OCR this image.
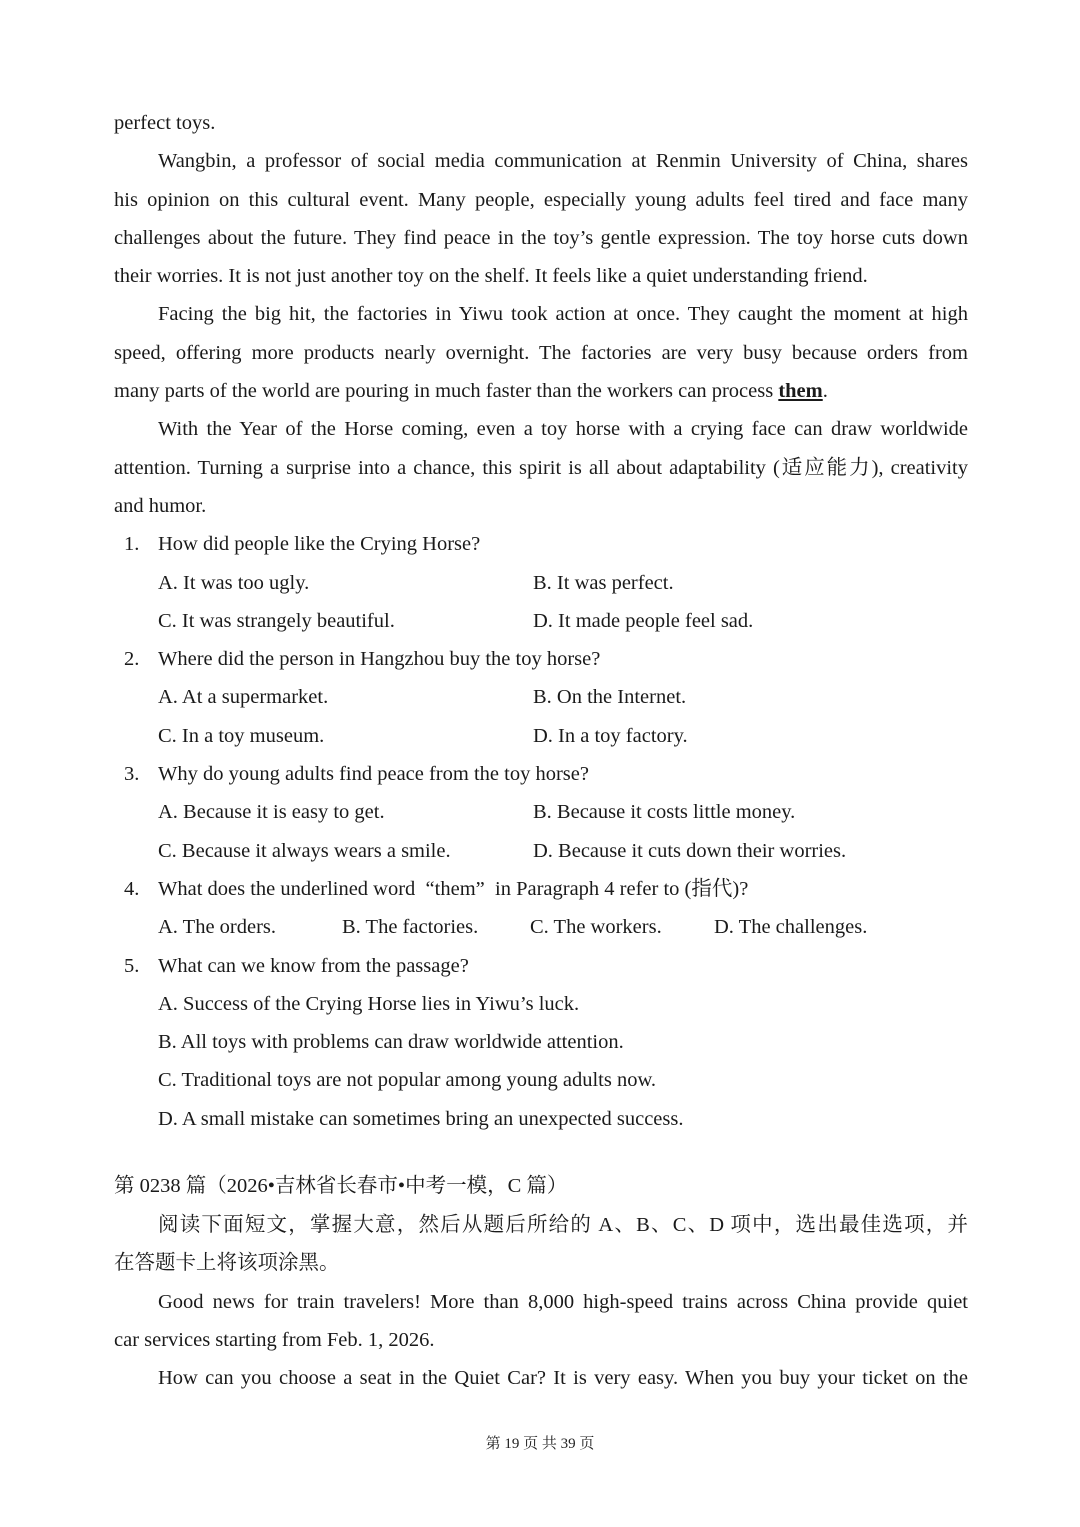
perfect toys.
Wangbin, a professor of social media communication at Renmin University of China, shares
his opinion on this cultural event. Many people, especially young adults feel tired and face many
challenges about the future. They find peace in the toy’s gentle expression. The toy horse cuts down
their worries. It is not just another toy on the shelf. It feels like a quiet understanding friend.
Facing the big hit, the factories in Yiwu took action at once. They caught the moment at high
speed, offering more products nearly overnight. The factories are very busy because orders from
many parts of the world are pouring in much faster than the workers can process them.
With the Year of the Horse coming, even a toy horse with a crying face can draw worldwide
attention. Turning a surprise into a chance, this spirit is all about adaptability (适应能力), creativity
and humor.
1. How did people like the Crying Horse?
A. It was too ugly.	B. It was perfect.
C. It was strangely beautiful.	D. It made people feel sad.
2. Where did the person in Hangzhou buy the toy horse?
A. At a supermarket.	B. On the Internet.
C. In a toy museum.	D. In a toy factory.
3. Why do young adults find peace from the toy horse?
A. Because it is easy to get.	B. Because it costs little money.
C. Because it always wears a smile.	D. Because it cuts down their worries.
4. What does the underlined word  “them”  in Paragraph 4 refer to (指代)?
A. The orders.	B. The factories.	C. The workers.	D. The challenges.
5. What can we know from the passage?
A. Success of the Crying Horse lies in Yiwu’s luck.
B. All toys with problems can draw worldwide attention.
C. Traditional toys are not popular among young adults now.
D. A small mistake can sometimes bring an unexpected success.
第 0238 篇（2026•吉林省长春市•中考一模，C 篇）
阅读下面短文，掌握大意，然后从题后所给的 A、B、C、D 项中，选出最佳选项，并
在答题卡上将该项涂黑。
Good news for train travelers! More than 8,000 high-speed trains across China provide quiet
car services starting from Feb. 1, 2026.
How can you choose a seat in the Quiet Car? It is very easy. When you buy your ticket on the
第 19 页 共 39 页
